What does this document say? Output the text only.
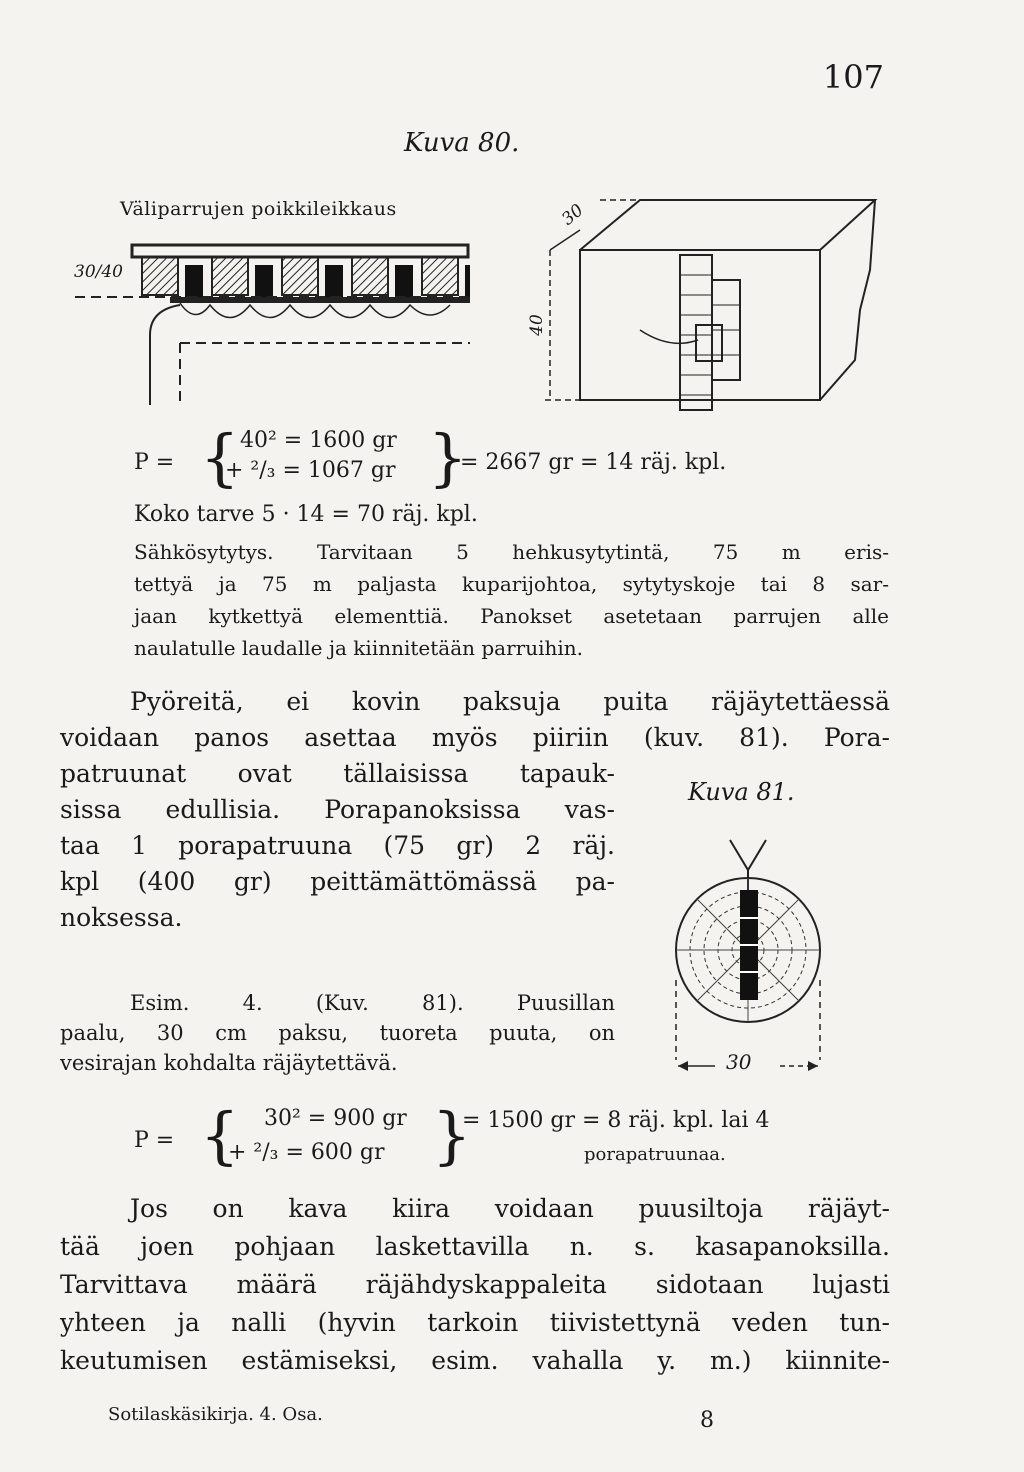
107
Kuva 80.
Väliparrujen poikkileikkaus
30/40
30
40
P = { 40² = 1600 gr
+ ²/₃ = 1067 gr }
= 2667 gr = 14 räj. kpl.
Koko tarve 5 · 14 = 70 räj. kpl.
Sähkösytytys. Tarvitaan 5 hehkusytytintä, 75 m eris-
tettyä ja 75 m paljasta kuparijohtoa, sytytyskoje tai 8 sar-
jaan kytkettyä elementtiä. Panokset asetetaan parrujen alle
naulatulle laudalle ja kiinnitetään parruihin.
Pyöreitä, ei kovin paksuja puita räjäytettäessä
voidaan panos asettaa myös piiriin (kuv. 81). Pora-
patruunat ovat tällaisissa tapauk-
sissa edullisia. Porapanoksissa vas-
taa 1 porapatruuna (75 gr) 2 räj.
kpl (400 gr) peittämättömässä pa-
noksessa.
Kuva 81.
30
Esim. 4. (Kuv. 81). Puusillan
paalu, 30 cm paksu, tuoreta puuta, on
vesirajan kohdalta räjäytettävä.
P = { 30² = 900 gr
+ ²/₃ = 600 gr }
= 1500 gr = 8 räj. kpl. lai 4
porapatruunaa.
Jos on kava kiira voidaan puusiltoja räjäyt-
tää joen pohjaan laskettavilla n. s. kasapanoksilla.
Tarvittava määrä räjähdyskappaleita sidotaan lujasti
yhteen ja nalli (hyvin tarkoin tiivistettynä veden tun-
keutumisen estämiseksi, esim. vahalla y. m.) kiinnite-
Sotilaskäsikirja. 4. Osa.	8
